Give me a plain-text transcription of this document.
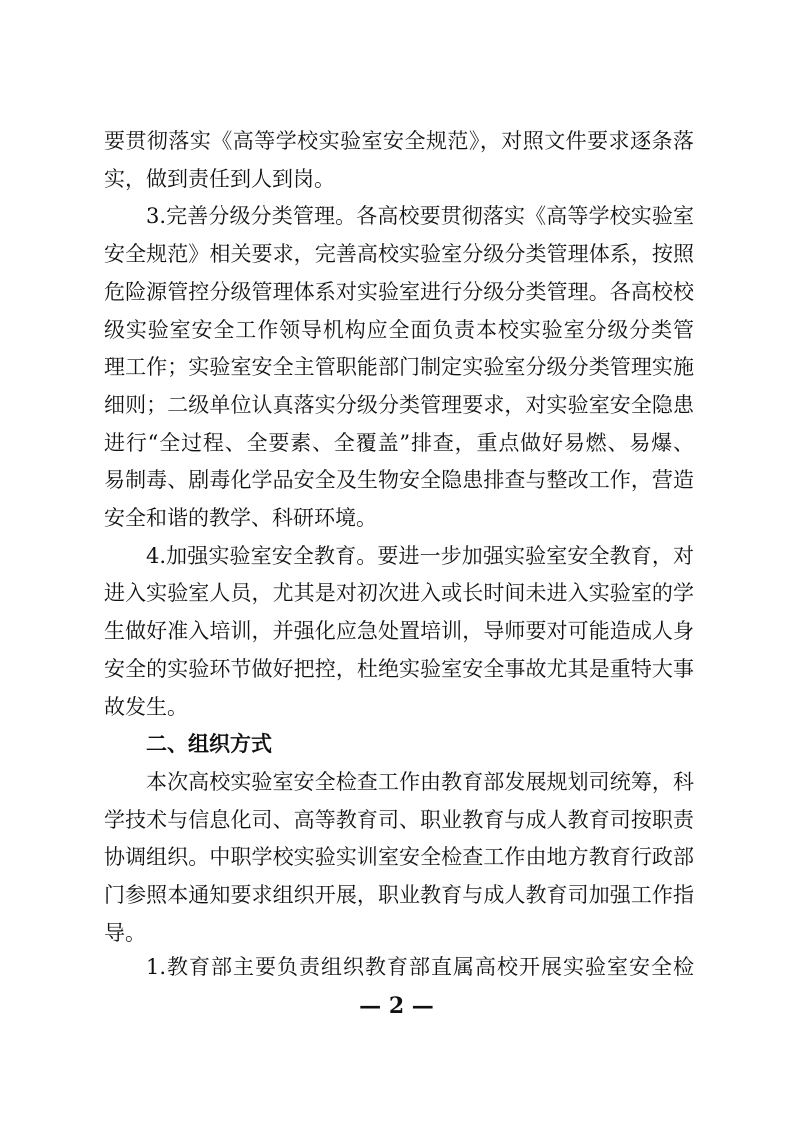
要贯彻落实《高等学校实验室安全规范》，对照文件要求逐条落
实，做到责任到人到岗。
3.完善分级分类管理。各高校要贯彻落实《高等学校实验室
安全规范》相关要求，完善高校实验室分级分类管理体系，按照
危险源管控分级管理体系对实验室进行分级分类管理。各高校校
级实验室安全工作领导机构应全面负责本校实验室分级分类管
理工作；实验室安全主管职能部门制定实验室分级分类管理实施
细则；二级单位认真落实分级分类管理要求，对实验室安全隐患
进行“全过程、全要素、全覆盖”排查，重点做好易燃、易爆、
易制毒、剧毒化学品安全及生物安全隐患排查与整改工作，营造
安全和谐的教学、科研环境。
4.加强实验室安全教育。要进一步加强实验室安全教育，对
进入实验室人员，尤其是对初次进入或长时间未进入实验室的学
生做好准入培训，并强化应急处置培训，导师要对可能造成人身
安全的实验环节做好把控，杜绝实验室安全事故尤其是重特大事
故发生。
二、组织方式
本次高校实验室安全检查工作由教育部发展规划司统筹，科
学技术与信息化司、高等教育司、职业教育与成人教育司按职责
协调组织。中职学校实验实训室安全检查工作由地方教育行政部
门参照本通知要求组织开展，职业教育与成人教育司加强工作指
导。
1.教育部主要负责组织教育部直属高校开展实验室安全检
— 2 —
